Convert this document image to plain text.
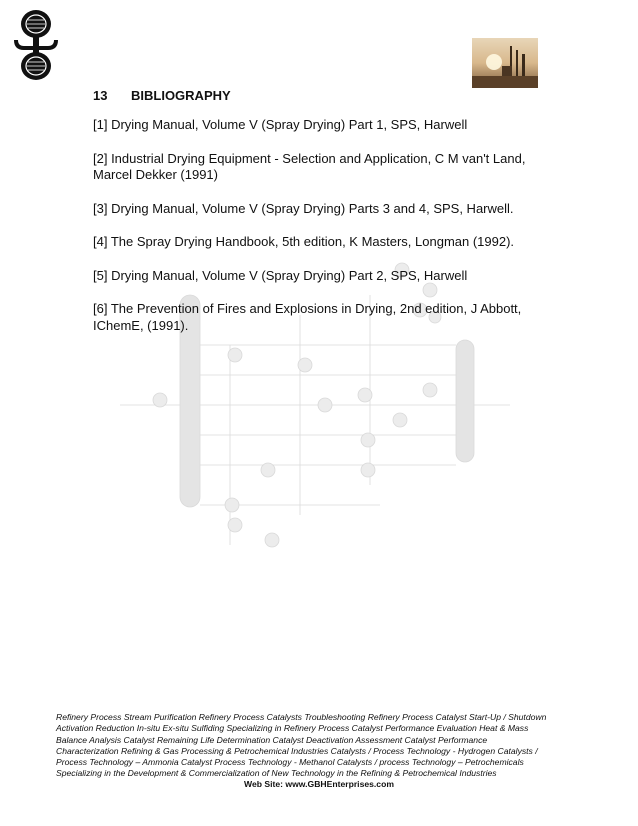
13 BIBLIOGRAPHY

[1] Drying Manual, Volume V (Spray Drying) Part 1, SPS, Harwell

[2] Industrial Drying Equipment - Selection and Application, C M van't Land, Marcel Dekker (1991)

[3] Drying Manual, Volume V (Spray Drying) Parts 3 and 4, SPS, Harwell.

[4] The Spray Drying Handbook, 5th edition, K Masters, Longman (1992).

[5] Drying Manual, Volume V (Spray Drying) Part 2, SPS, Harwell

[6] The Prevention of Fires and Explosions in Drying, 2nd edition, J Abbott, IChemE, (1991).

Refinery Process Stream Purification Refinery Process Catalysts Troubleshooting Refinery Process Catalyst Start-Up / Shutdown
Activation Reduction In-situ Ex-situ Sulfiding Specializing in Refinery Process Catalyst Performance Evaluation Heat & Mass
Balance Analysis Catalyst Remaining Life Determination Catalyst Deactivation Assessment Catalyst Performance
Characterization Refining & Gas Processing & Petrochemical Industries Catalysts / Process Technology - Hydrogen Catalysts /
Process Technology – Ammonia Catalyst Process Technology - Methanol Catalysts / process Technology – Petrochemicals
Specializing in the Development & Commercialization of New Technology in the Refining & Petrochemical Industries
Web Site: www.GBHEnterprises.com
